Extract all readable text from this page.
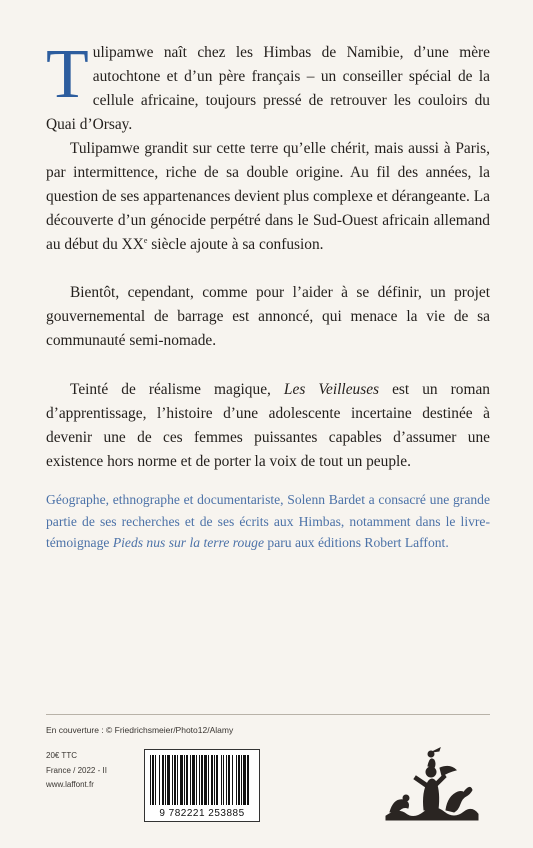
Tulipamwe naît chez les Himbas de Namibie, d’une mère autochtone et d’un père français – un conseiller spécial de la cellule africaine, toujours pressé de retrouver les couloirs du Quai d’Orsay.

Tulipamwe grandit sur cette terre qu’elle chérit, mais aussi à Paris, par intermittence, riche de sa double origine. Au fil des années, la question de ses appartenances devient plus complexe et dérangeante. La découverte d’un génocide perpétré dans le Sud-Ouest africain allemand au début du XXe siècle ajoute à sa confusion.

Bientôt, cependant, comme pour l’aider à se définir, un projet gouvernemental de barrage est annoncé, qui menace la vie de sa communauté semi-nomade.

Teinté de réalisme magique, Les Veilleuses est un roman d’apprentissage, l’histoire d’une adolescente incertaine destinée à devenir une de ces femmes puissantes capables d’assumer une existence hors norme et de porter la voix de tout un peuple.

Géographe, ethnographe et documentariste, Solenn Bardet a consacré une grande partie de ses recherches et de ses écrits aux Himbas, notamment dans le livre-témoignage Pieds nus sur la terre rouge paru aux éditions Robert Laffont.

En couverture : © Friedrichsmeier/Photo12/Alamy
20€ TTC
France / 2022 - II
www.laffont.fr
9 782221 253885
